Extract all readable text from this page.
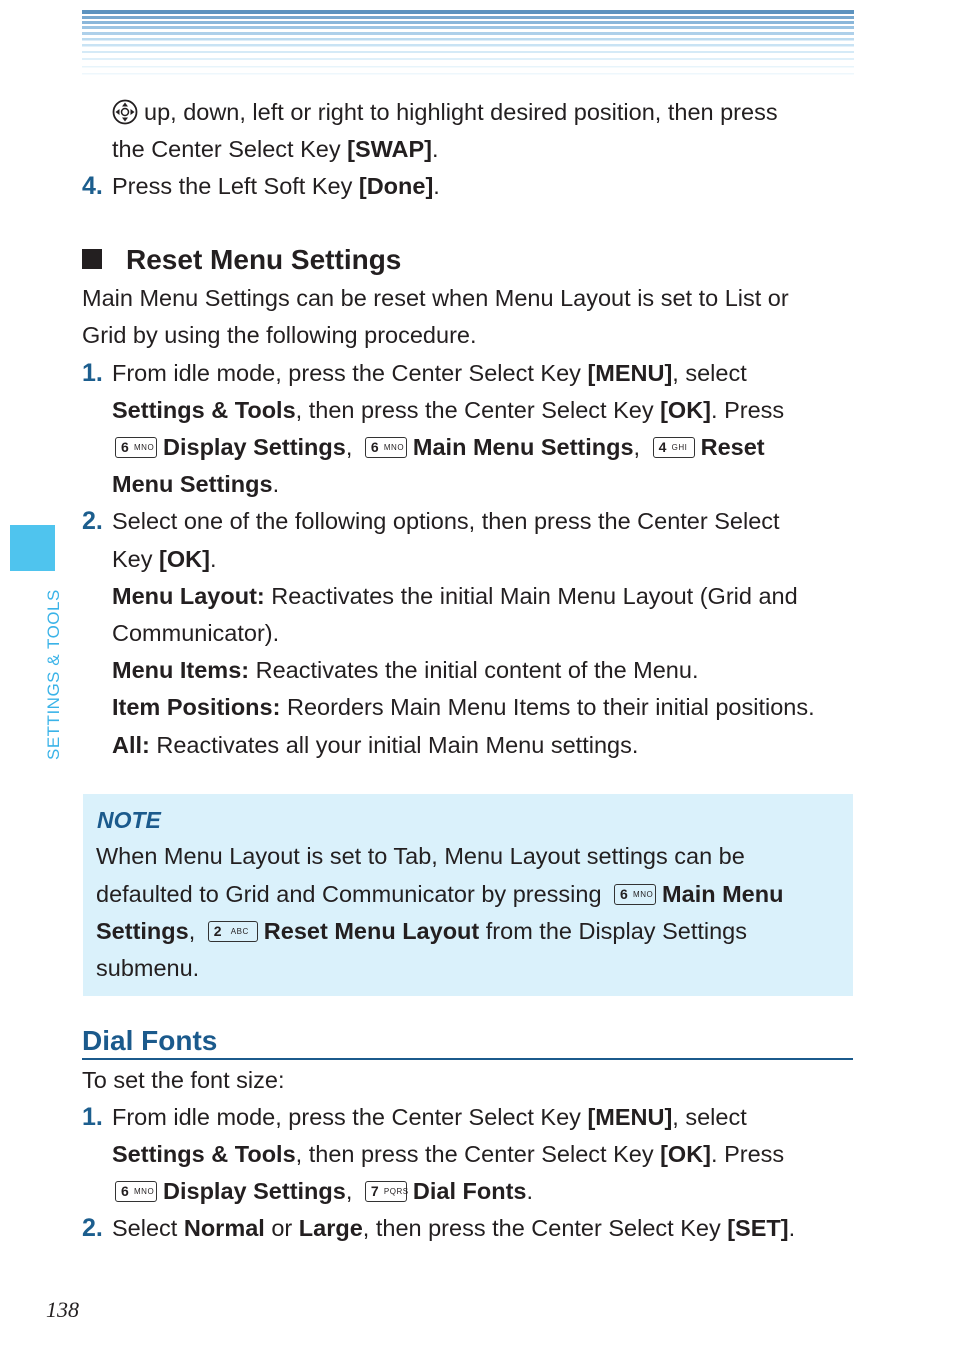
SETTINGS & TOOLS
up, down, left or right to highlight desired position, then press
the Center Select Key [SWAP].
4. Press the Left Soft Key [Done].
Reset Menu Settings
Main Menu Settings can be reset when Menu Layout is set to List or
Grid by using the following procedure.
1. From idle mode, press the Center Select Key [MENU], select
Settings & Tools, then press the Center Select Key [OK]. Press
6 MNO Display Settings, 6 MNO Main Menu Settings, 4 GHI Reset
Menu Settings.
2. Select one of the following options, then press the Center Select
Key [OK].
Menu Layout: Reactivates the initial Main Menu Layout (Grid and
Communicator).
Menu Items: Reactivates the initial content of the Menu.
Item Positions: Reorders Main Menu Items to their initial positions.
All: Reactivates all your initial Main Menu settings.
NOTE
When Menu Layout is set to Tab, Menu Layout settings can be
defaulted to Grid and Communicator by pressing 6 MNO Main Menu
Settings, 2 ABC Reset Menu Layout from the Display Settings
submenu.
Dial Fonts
To set the font size:
1. From idle mode, press the Center Select Key [MENU], select
Settings & Tools, then press the Center Select Key [OK]. Press
6 MNO Display Settings, 7 PQRS Dial Fonts.
2. Select Normal or Large, then press the Center Select Key [SET].
138
